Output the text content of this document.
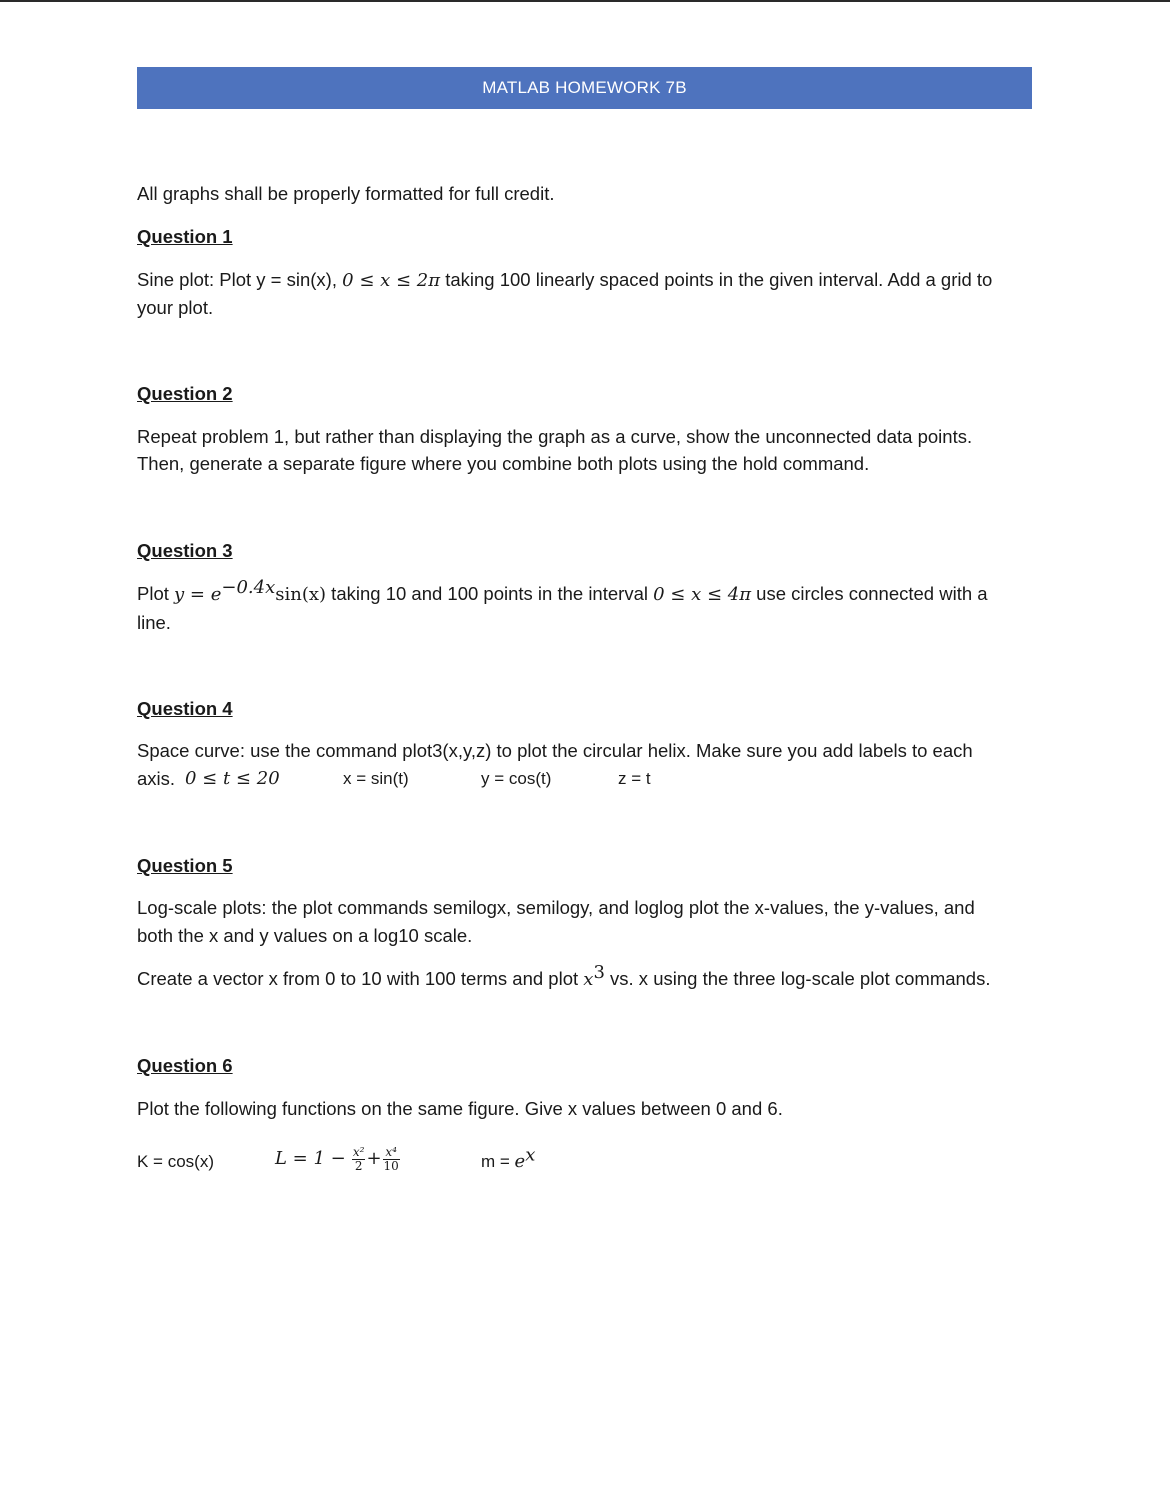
MATLAB HOMEWORK 7B
All graphs shall be properly formatted for full credit.
Question 1
Sine plot: Plot y = sin(x), 0 ≤ x ≤ 2π taking 100 linearly spaced points in the given interval. Add a grid to
your plot.
Question 2
Repeat problem 1, but rather than displaying the graph as a curve, show the unconnected data points.
Then, generate a separate figure where you combine both plots using the hold command.
Question 3
Plot $y = e^{-0.4x}\sin(x)$ taking 10 and 100 points in the interval 0 ≤ x ≤ 4π use circles connected with a
line.
Question 4
Space curve: use the command plot3(x,y,z) to plot the circular helix. Make sure you add labels to each
axis. 0 ≤ t ≤ 20	x = sin(t)	y = cos(t)	z = t
Question 5
Log-scale plots: the plot commands semilogx, semilogy, and loglog plot the x-values, the y-values, and
both the x and y values on a log10 scale.
Create a vector x from 0 to 10 with 100 terms and plot $x^3$ vs. x using the three log-scale plot commands.
Question 6
Plot the following functions on the same figure. Give x values between 0 and 6.
K = cos(x)	$L = 1 - \frac{\text{x²}}{2} + \frac{\text{x⁴}}{10}$	$m = e^x$
